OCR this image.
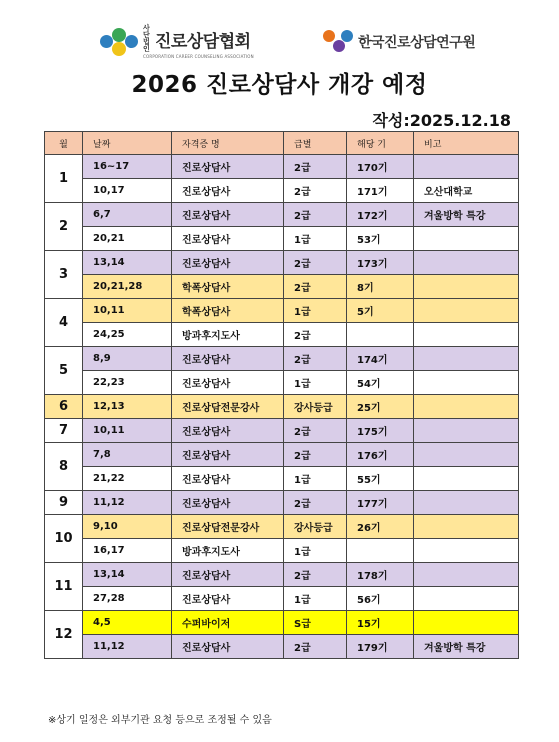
사단법인 진로상담협회
CORPORATION CAREER COUNSELING ASSOCIATION
한국진로상담연구원
2026 진로상담사 개강 예정
작성:2025.12.18
월	날짜	자격증 명	급별	해당 기	비고
1	16~17	진로상담사	2급	170기	
	10,17	진로상담사	2급	171기	오산대학교
2	6,7	진로상담사	2급	172기	겨울방학 특강
	20,21	진로상담사	1급	53기	
3	13,14	진로상담사	2급	173기	
	20,21,28	학폭상담사	2급	8기	
4	10,11	학폭상담사	1급	5기	
	24,25	방과후지도사	2급		
5	8,9	진로상담사	2급	174기	
	22,23	진로상담사	1급	54기	
6	12,13	진로상담전문강사	강사등급	25기	
7	10,11	진로상담사	2급	175기	
8	7,8	진로상담사	2급	176기	
	21,22	진로상담사	1급	55기	
9	11,12	진로상담사	2급	177기	
10	9,10	진로상담전문강사	강사등급	26기	
	16,17	방과후지도사	1급		
11	13,14	진로상담사	2급	178기	
	27,28	진로상담사	1급	56기	
12	4,5	수퍼바이저	S급	15기	
	11,12	진로상담사	2급	179기	겨울방학 특강
※상기 일정은 외부기관 요청 등으로 조정될 수 있음
